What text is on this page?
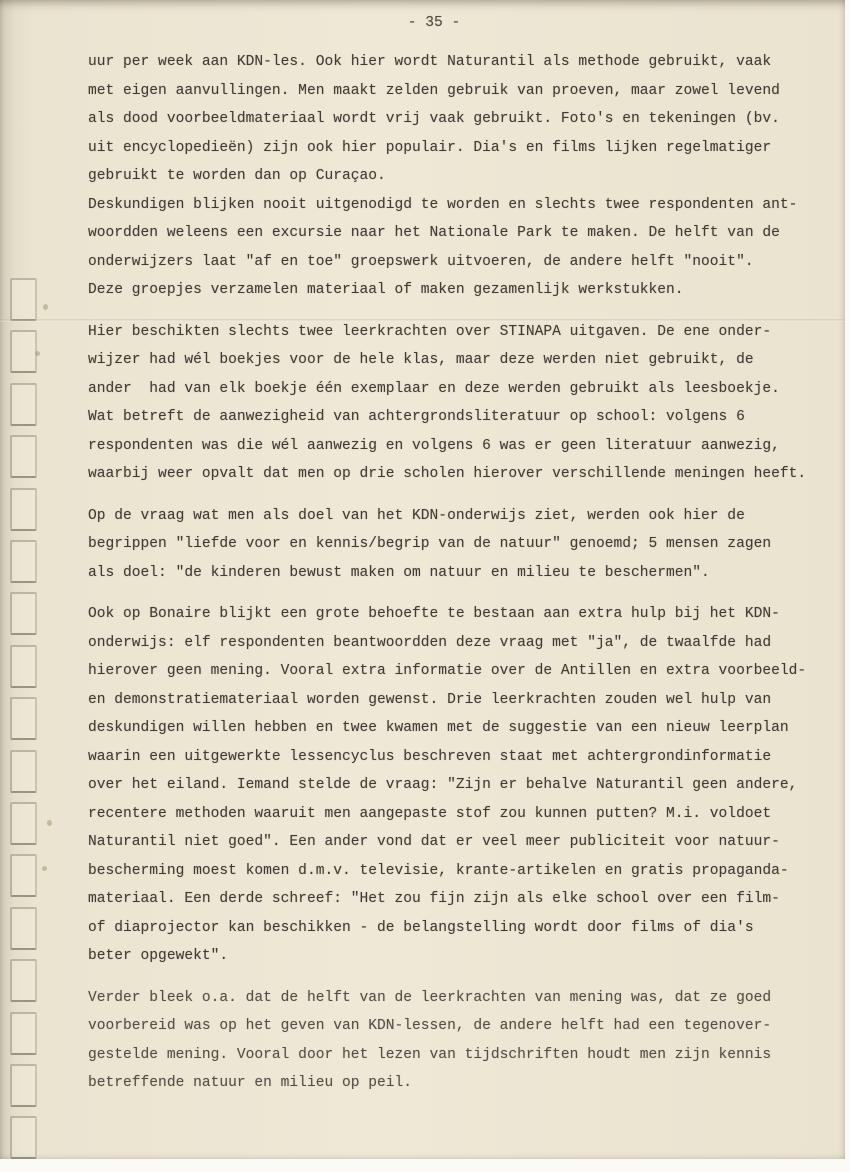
- 35 -
uur per week aan KDN-les. Ook hier wordt Naturantil als methode gebruikt, vaak
met eigen aanvullingen. Men maakt zelden gebruik van proeven, maar zowel levend
als dood voorbeeldmateriaal wordt vrij vaak gebruikt. Foto's en tekeningen (bv.
uit encyclopedieën) zijn ook hier populair. Dia's en films lijken regelmatiger
gebruikt te worden dan op Curaçao.
Deskundigen blijken nooit uitgenodigd te worden en slechts twee respondenten ant-
woordden weleens een excursie naar het Nationale Park te maken. De helft van de
onderwijzers laat "af en toe" groepswerk uitvoeren, de andere helft "nooit".
Deze groepjes verzamelen materiaal of maken gezamenlijk werkstukken.
Hier beschikten slechts twee leerkrachten over STINAPA uitgaven. De ene onder-
wijzer had wél boekjes voor de hele klas, maar deze werden niet gebruikt, de
ander  had van elk boekje één exemplaar en deze werden gebruikt als leesboekje.
Wat betreft de aanwezigheid van achtergrondsliteratuur op school: volgens 6
respondenten was die wél aanwezig en volgens 6 was er geen literatuur aanwezig,
waarbij weer opvalt dat men op drie scholen hierover verschillende meningen heeft.
Op de vraag wat men als doel van het KDN-onderwijs ziet, werden ook hier de
begrippen "liefde voor en kennis/begrip van de natuur" genoemd; 5 mensen zagen
als doel: "de kinderen bewust maken om natuur en milieu te beschermen".
Ook op Bonaire blijkt een grote behoefte te bestaan aan extra hulp bij het KDN-
onderwijs: elf respondenten beantwoordden deze vraag met "ja", de twaalfde had
hierover geen mening. Vooral extra informatie over de Antillen en extra voorbeeld-
en demonstratiemateriaal worden gewenst. Drie leerkrachten zouden wel hulp van
deskundigen willen hebben en twee kwamen met de suggestie van een nieuw leerplan
waarin een uitgewerkte lessencyclus beschreven staat met achtergrondinformatie
over het eiland. Iemand stelde de vraag: "Zijn er behalve Naturantil geen andere,
recentere methoden waaruit men aangepaste stof zou kunnen putten? M.i. voldoet
Naturantil niet goed". Een ander vond dat er veel meer publiciteit voor natuur-
bescherming moest komen d.m.v. televisie, krante-artikelen en gratis propaganda-
materiaal. Een derde schreef: "Het zou fijn zijn als elke school over een film-
of diaprojector kan beschikken - de belangstelling wordt door films of dia's
beter opgewekt".
Verder bleek o.a. dat de helft van de leerkrachten van mening was, dat ze goed
voorbereid was op het geven van KDN-lessen, de andere helft had een tegenover-
gestelde mening. Vooral door het lezen van tijdschriften houdt men zijn kennis
betreffende natuur en milieu op peil.
